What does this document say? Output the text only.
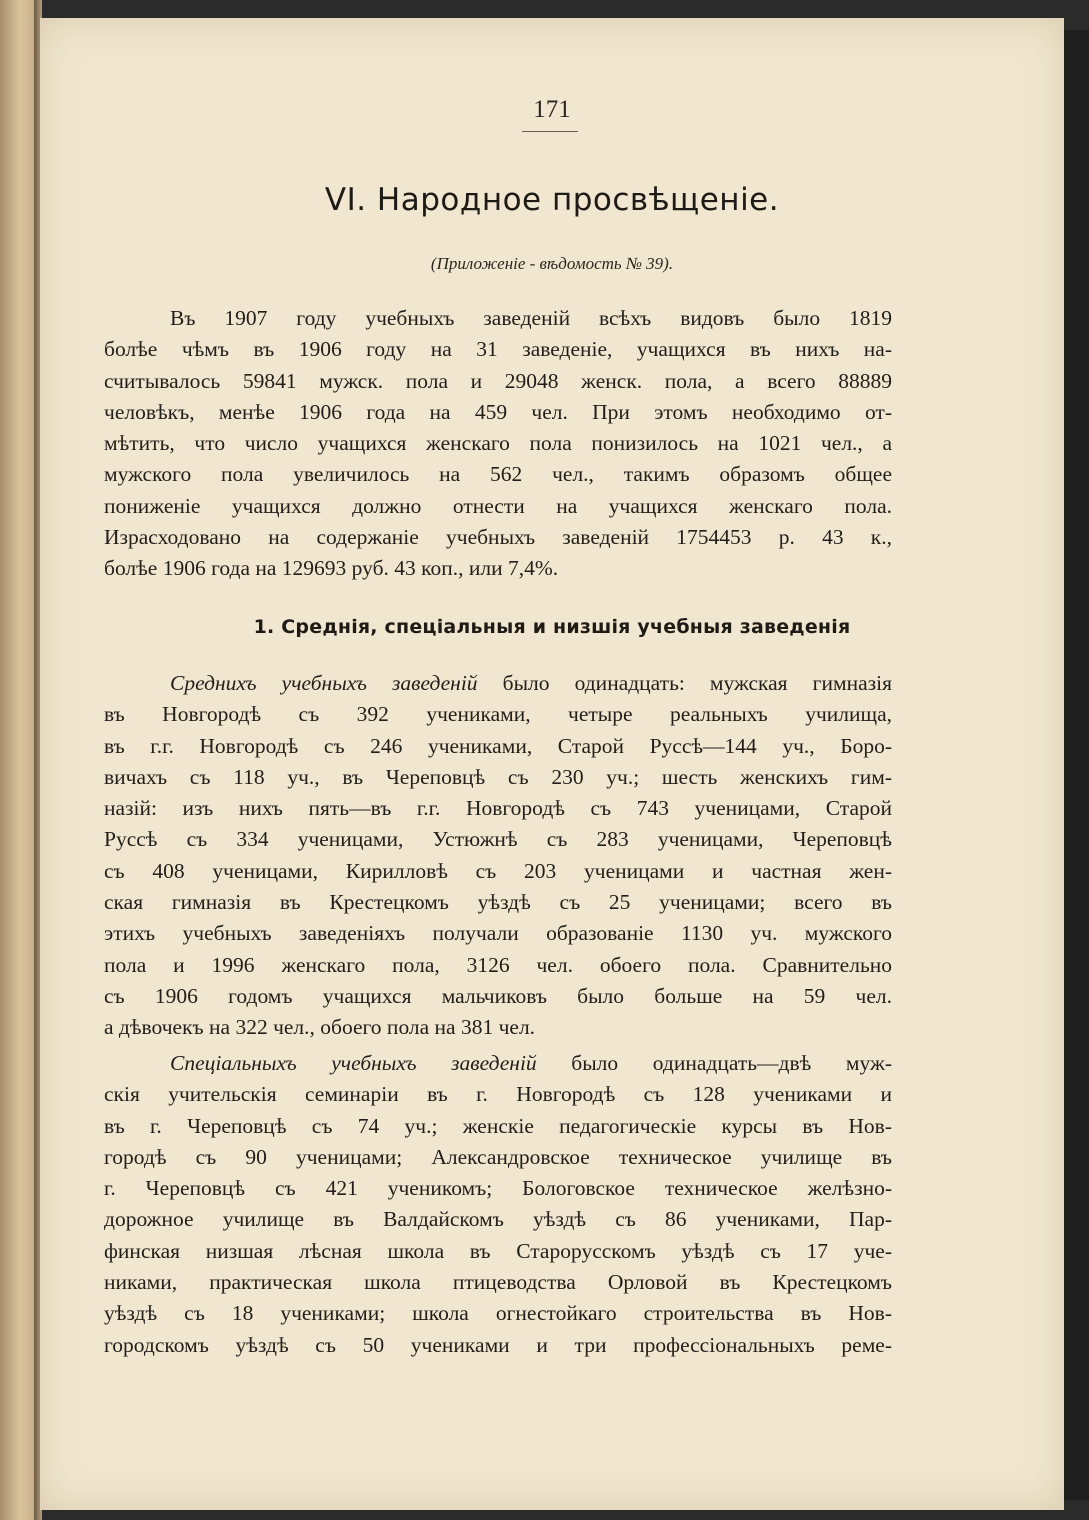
171
VI. Народное просвѣщеніе.
(Приложеніе - вѣдомость № 39).
Въ 1907 году учебныхъ заведеній всѣхъ видовъ было 1819
болѣе чѣмъ въ 1906 году на 31 заведеніе, учащихся въ нихъ на-
считывалось 59841 мужск. пола и 29048 женск. пола, а всего 88889
человѣкъ, менѣе 1906 года на 459 чел. При этомъ необходимо от-
мѣтить, что число учащихся женскаго пола понизилось на 1021 чел., а
мужского пола увеличилось на 562 чел., такимъ образомъ общее
пониженіе учащихся должно отнести на учащихся женскаго пола.
Израсходовано на содержаніе учебныхъ заведеній 1754453 р. 43 к.,
болѣе 1906 года на 129693 руб. 43 коп., или 7,4%.
1. Среднія, спеціальныя и низшія учебныя заведенія
Среднихъ учебныхъ заведеній было одинадцать: мужская гимназія
въ Новгородѣ съ 392 учениками, четыре реальныхъ училища,
въ г.г. Новгородѣ съ 246 учениками, Старой Руссѣ—144 уч., Боро-
вичахъ съ 118 уч., въ Череповцѣ съ 230 уч.; шесть женскихъ гим-
назій: изъ нихъ пять—въ г.г. Новгородѣ съ 743 ученицами, Старой
Руссѣ съ 334 ученицами, Устюжнѣ съ 283 ученицами, Череповцѣ
съ 408 ученицами, Кирилловѣ съ 203 ученицами и частная жен-
ская гимназія въ Крестецкомъ уѣздѣ съ 25 ученицами; всего въ
этихъ учебныхъ заведеніяхъ получали образованіе 1130 уч. мужского
пола и 1996 женскаго пола, 3126 чел. обоего пола. Сравнительно
съ 1906 годомъ учащихся мальчиковъ было больше на 59 чел.
а дѣвочекъ на 322 чел., обоего пола на 381 чел.
Спеціальныхъ учебныхъ заведеній было одинадцать—двѣ муж-
скія учительскія семинаріи въ г. Новгородѣ съ 128 учениками и
въ г. Череповцѣ съ 74 уч.; женскіе педагогическіе курсы въ Нов-
городѣ съ 90 ученицами; Александровское техническое училище въ
г. Череповцѣ съ 421 ученикомъ; Бологовское техническое желѣзно-
дорожное училище въ Валдайскомъ уѣздѣ съ 86 учениками, Пар-
финская низшая лѣсная школа въ Старорусскомъ уѣздѣ съ 17 уче-
никами, практическая школа птицеводства Орловой въ Крестецкомъ
уѣздѣ съ 18 учениками; школа огнестойкаго строительства въ Нов-
городскомъ уѣздѣ съ 50 учениками и три профессіональныхъ реме-
